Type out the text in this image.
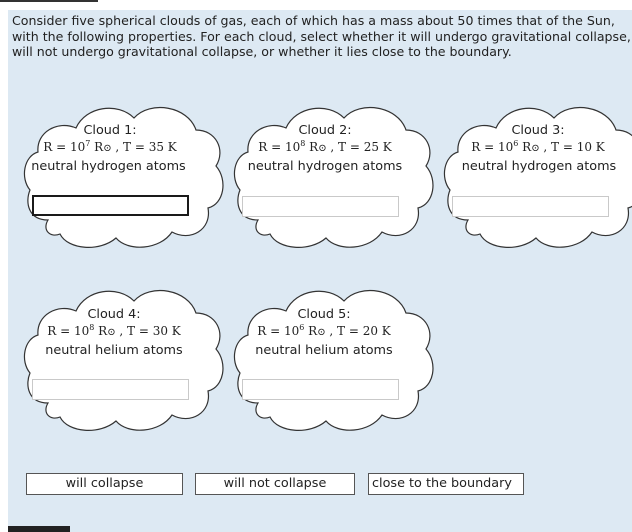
Consider five spherical clouds of gas, each of which has a mass about 50 times that of the Sun, with the following properties. For each cloud, select whether it will undergo gravitational collapse, will not undergo gravitational collapse, or whether it lies close to the boundary.
Cloud 1:
$R = 10^7$ R⊙ , T = 35 K
neutral hydrogen atoms
Cloud 2:
$R = 10^8$ R⊙ , T = 25 K
neutral hydrogen atoms
Cloud 3:
$R = 10^6$ R⊙ , T = 10 K
neutral hydrogen atoms
Cloud 4:
$R = 10^8$ R⊙ , T = 30 K
neutral helium atoms
Cloud 5:
$R = 10^6$ R⊙ , T = 20 K
neutral helium atoms
will collapse	will not collapse	close to the boundary
